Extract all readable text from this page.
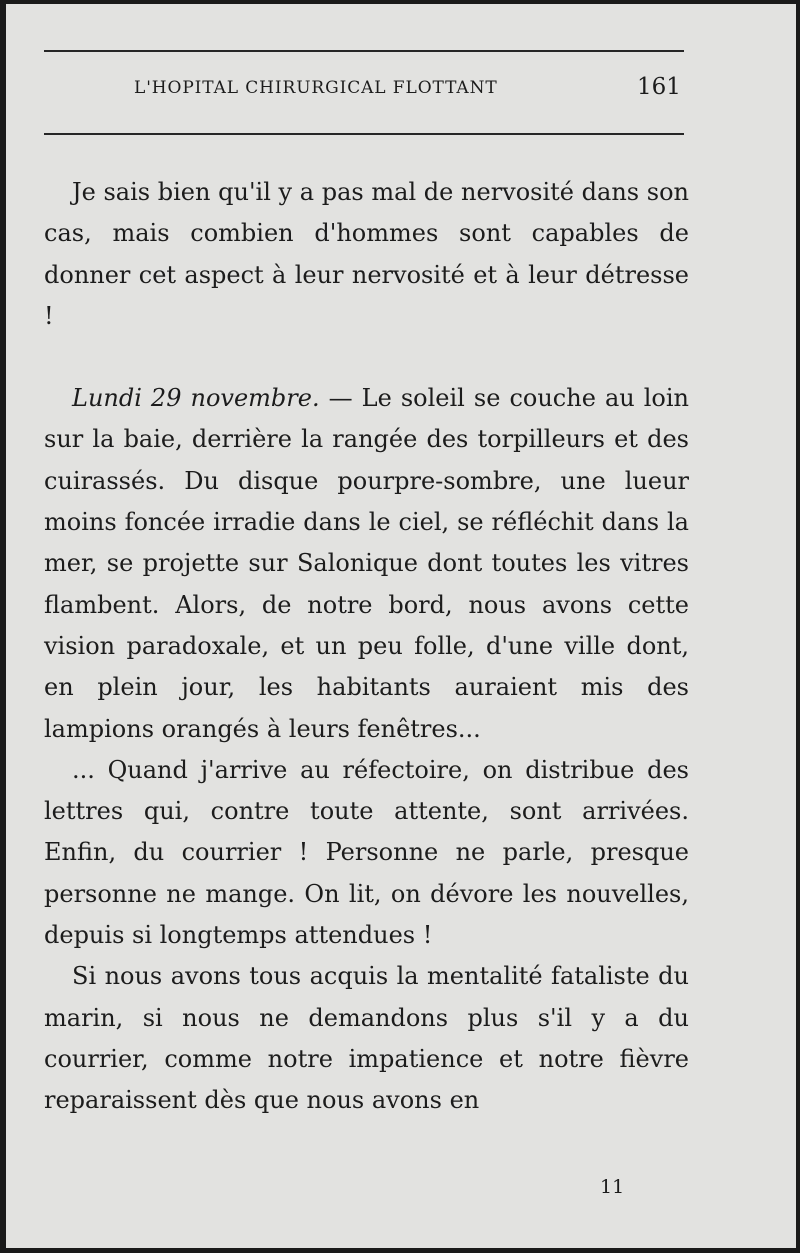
L'HOPITAL CHIRURGICAL FLOTTANT	161

Je sais bien qu'il y a pas mal de nervosité dans son cas, mais combien d'hommes sont capables de donner cet aspect à leur nervosité et à leur détresse !

Lundi 29 novembre. — Le soleil se couche au loin sur la baie, derrière la rangée des torpilleurs et des cuirassés. Du disque pourpre-sombre, une lueur moins foncée irradie dans le ciel, se réfléchit dans la mer, se projette sur Salonique dont toutes les vitres flambent. Alors, de notre bord, nous avons cette vision paradoxale, et un peu folle, d'une ville dont, en plein jour, les habitants auraient mis des lampions orangés à leurs fenêtres...

... Quand j'arrive au réfectoire, on distribue des lettres qui, contre toute attente, sont arrivées. Enfin, du courrier ! Personne ne parle, presque personne ne mange. On lit, on dévore les nouvelles, depuis si longtemps attendues !

Si nous avons tous acquis la mentalité fataliste du marin, si nous ne demandons plus s'il y a du courrier, comme notre impatience et notre fièvre reparaissent dès que nous avons en

11
